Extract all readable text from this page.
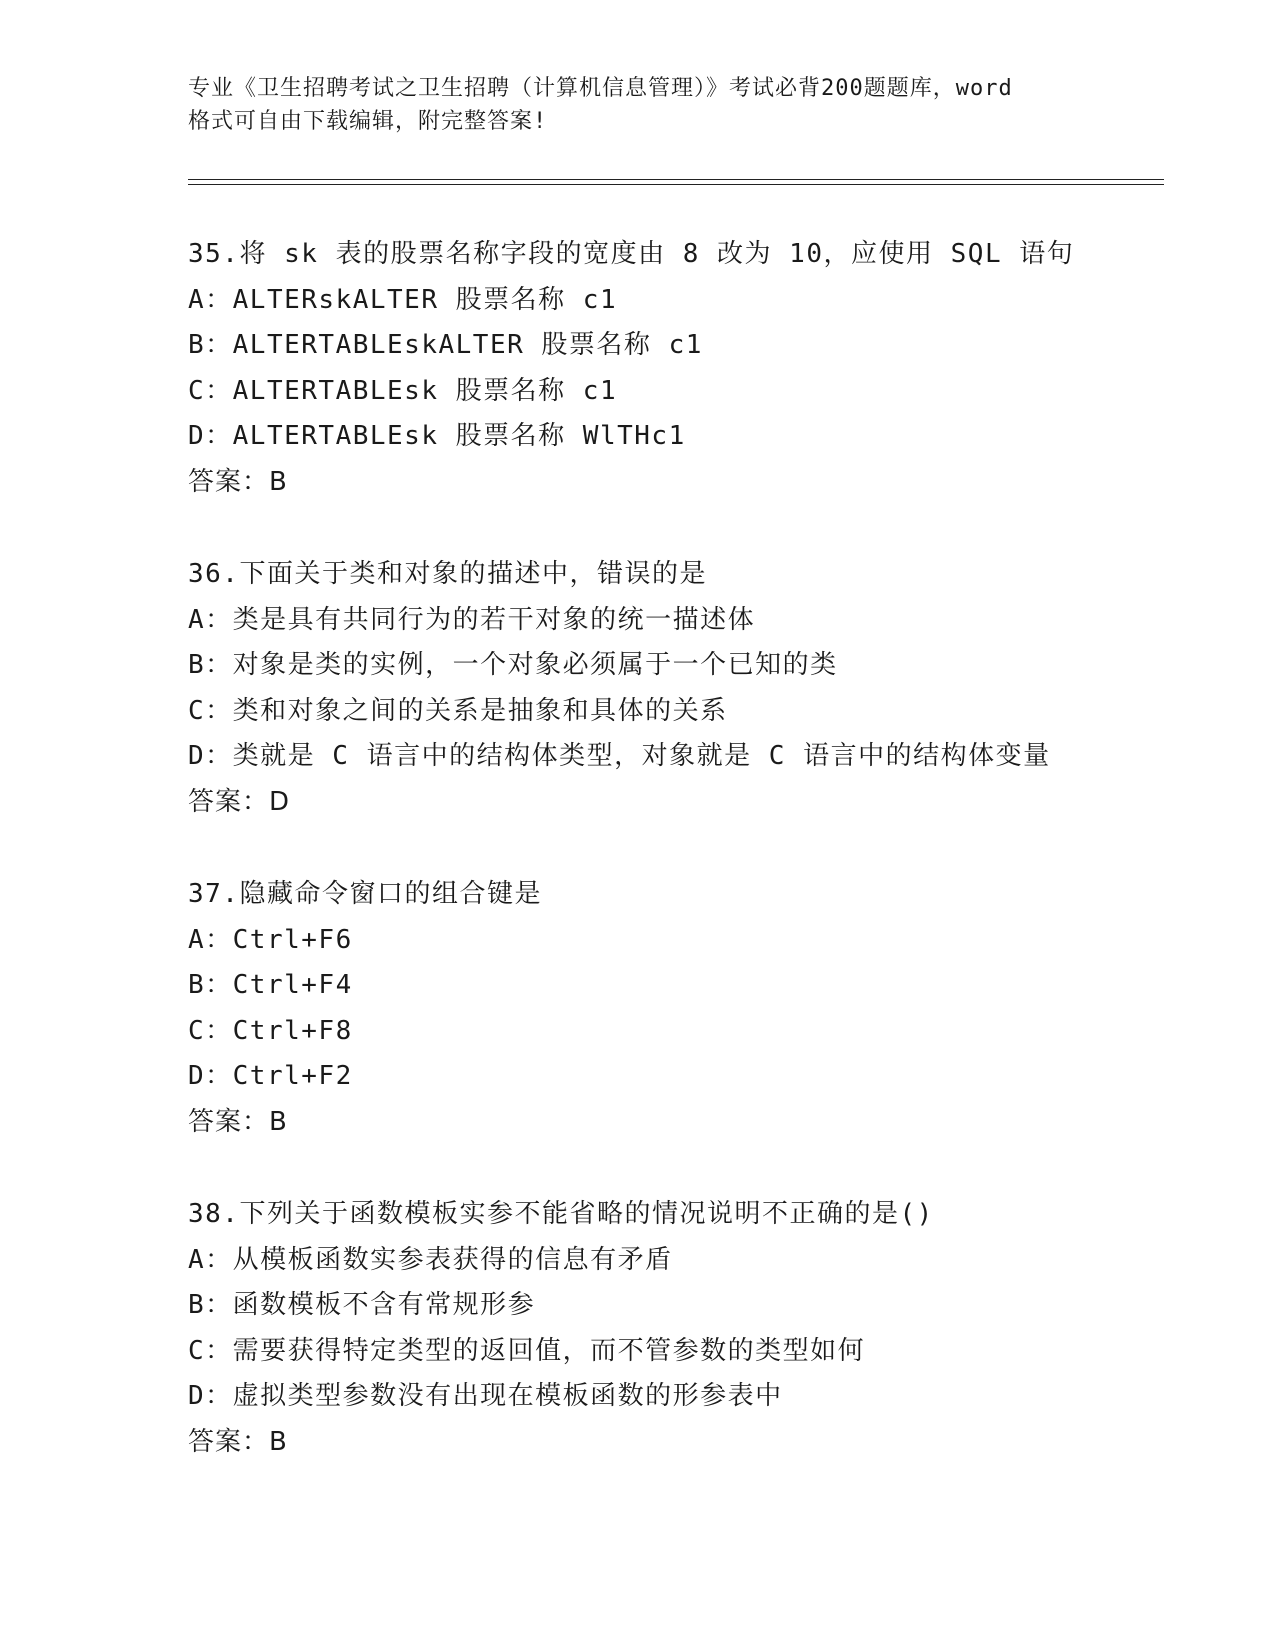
专业《卫生招聘考试之卫生招聘（计算机信息管理）》考试必背200题题库，word
格式可自由下载编辑，附完整答案!
35.将 sk 表的股票名称字段的宽度由 8 改为 10，应使用 SQL 语句
A：ALTERskALTER 股票名称 c1
B：ALTERTABLEskALTER 股票名称 c1
C：ALTERTABLEsk 股票名称 c1
D：ALTERTABLEsk 股票名称 WlTHc1
答案：B
36.下面关于类和对象的描述中，错误的是
A：类是具有共同行为的若干对象的统一描述体
B：对象是类的实例，一个对象必须属于一个已知的类
C：类和对象之间的关系是抽象和具体的关系
D：类就是 C 语言中的结构体类型，对象就是 C 语言中的结构体变量
答案：D
37.隐藏命令窗口的组合键是
A：Ctrl+F6
B：Ctrl+F4
C：Ctrl+F8
D：Ctrl+F2
答案：B
38.下列关于函数模板实参不能省略的情况说明不正确的是()
A：从模板函数实参表获得的信息有矛盾
B：函数模板不含有常规形参
C：需要获得特定类型的返回值，而不管参数的类型如何
D：虚拟类型参数没有出现在模板函数的形参表中
答案：B
